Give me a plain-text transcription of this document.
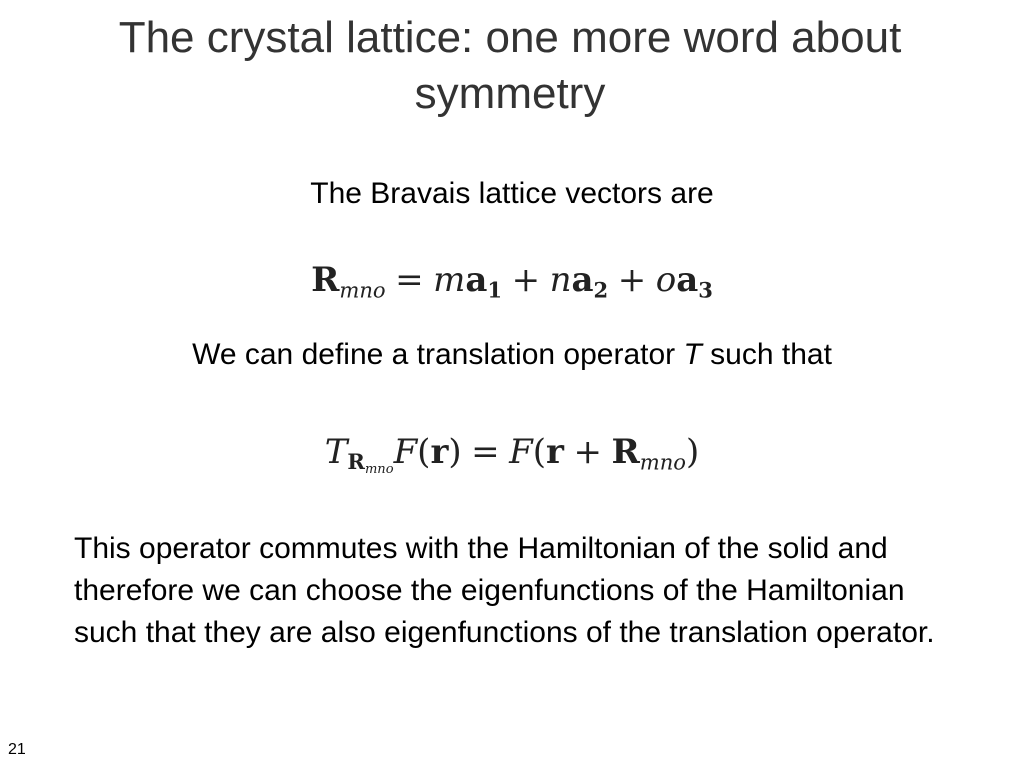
The crystal lattice: one more word about symmetry
The Bravais lattice vectors are
$R_{mno} = ma_1 + na_2 + oa_3$
We can define a translation operator T such that
$T_{R_{mno}}F(r) = F(r + R_{mno})$
This operator commutes with the Hamiltonian of the solid and therefore we can choose the eigenfunctions of the Hamiltonian such that they are also eigenfunctions of the translation operator.
21
